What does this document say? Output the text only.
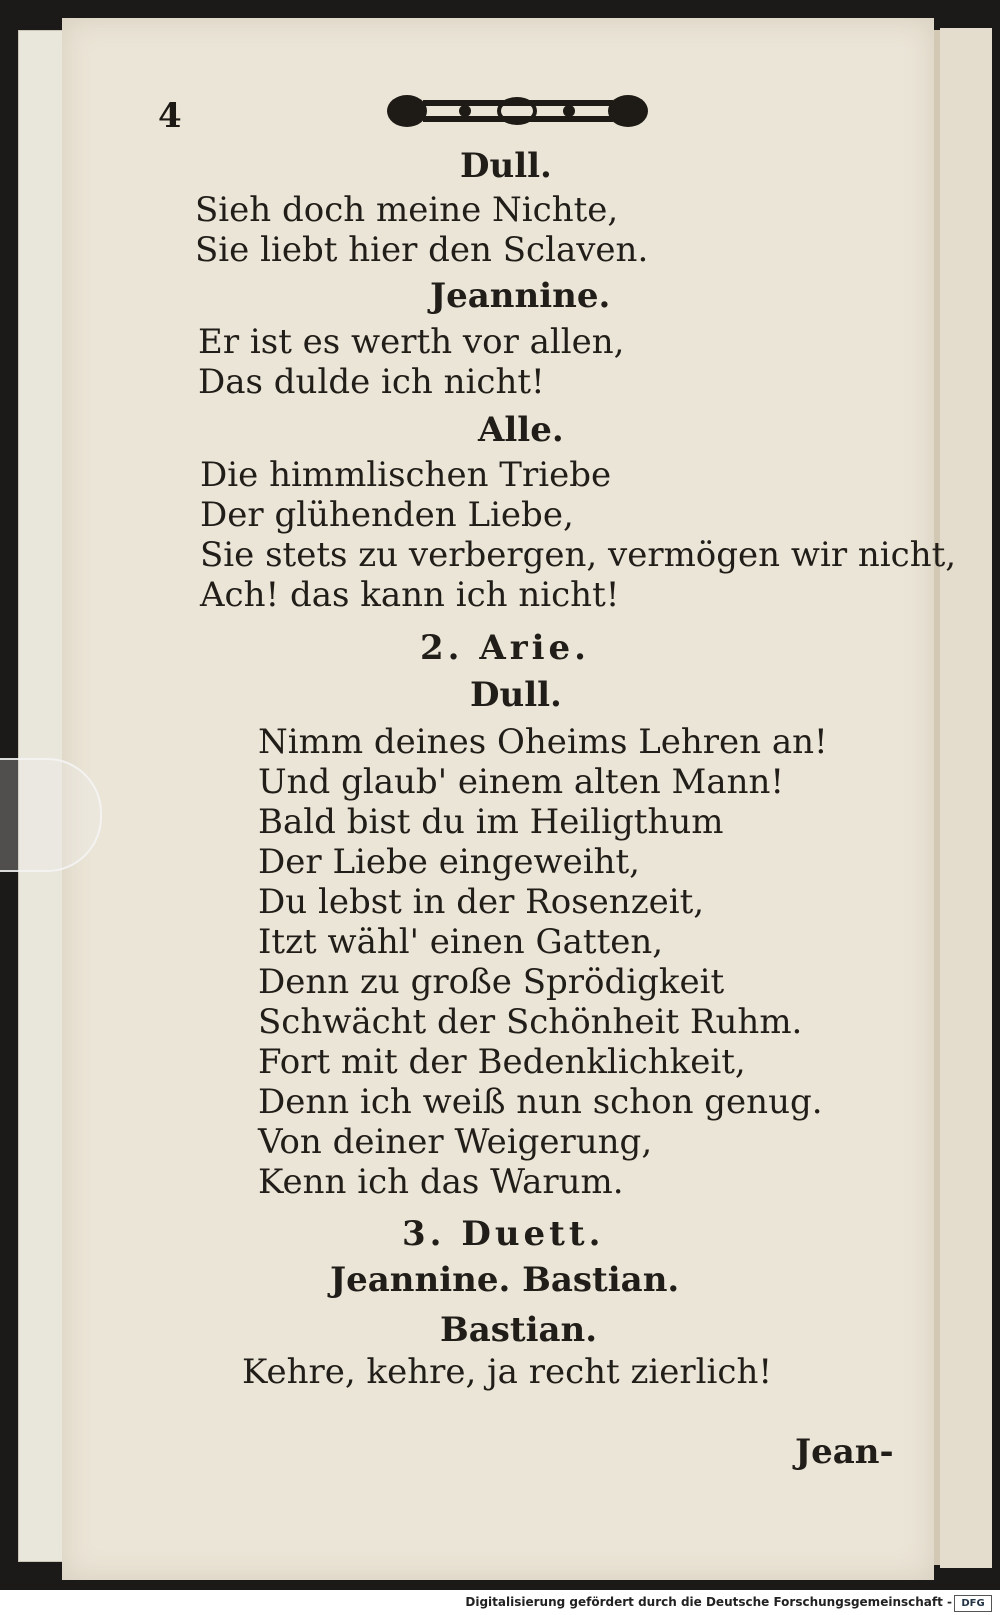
4
Dull.
Sieh doch meine Nichte,
Sie liebt hier den Sclaven.
Jeannine.
Er ist es werth vor allen,
Das dulde ich nicht!
Alle.
Die himmlischen Triebe
Der glühenden Liebe,
Sie stets zu verbergen, vermögen wir nicht,
Ach! das kann ich nicht!
2. Arie.
Dull.
Nimm deines Oheims Lehren an!
Und glaub' einem alten Mann!
Bald bist du im Heiligthum
Der Liebe eingeweiht,
Du lebst in der Rosenzeit,
Itzt wähl' einen Gatten,
Denn zu große Sprödigkeit
Schwächt der Schönheit Ruhm.
Fort mit der Bedenklichkeit,
Denn ich weiß nun schon genug.
Von deiner Weigerung,
Kenn ich das Warum.
3. Duett.
Jeannine. Bastian.
Bastian.
Kehre, kehre, ja recht zierlich!
Jean-
Digitalisierung gefördert durch die Deutsche Forschungsgemeinschaft - DFG
